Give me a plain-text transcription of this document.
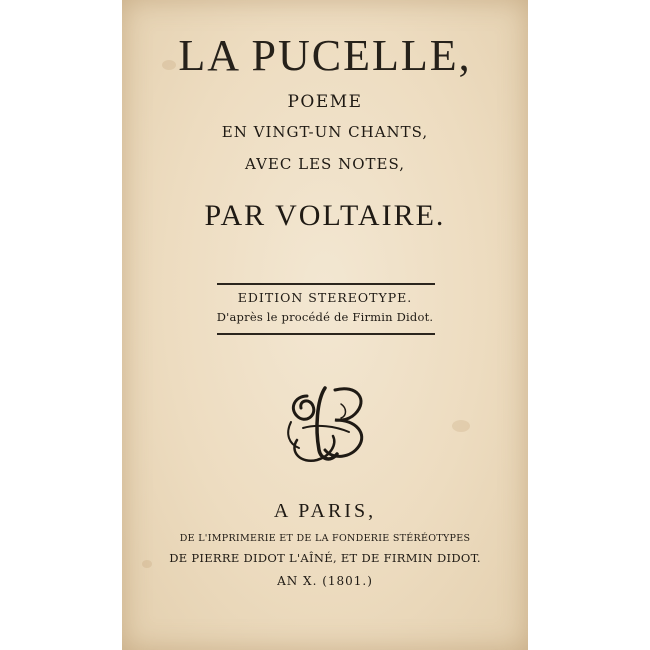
LA PUCELLE,
POEME
EN VINGT-UN CHANTS,
AVEC LES NOTES,
PAR VOLTAIRE.
EDITION STEREOTYPE.
D'après le procédé de Firmin Didot.
A PARIS,
DE L'IMPRIMERIE ET DE LA FONDERIE STÉRÉOTYPES
DE PIERRE DIDOT L'AÎNÉ, ET DE FIRMIN DIDOT.
AN X. (1801.)
